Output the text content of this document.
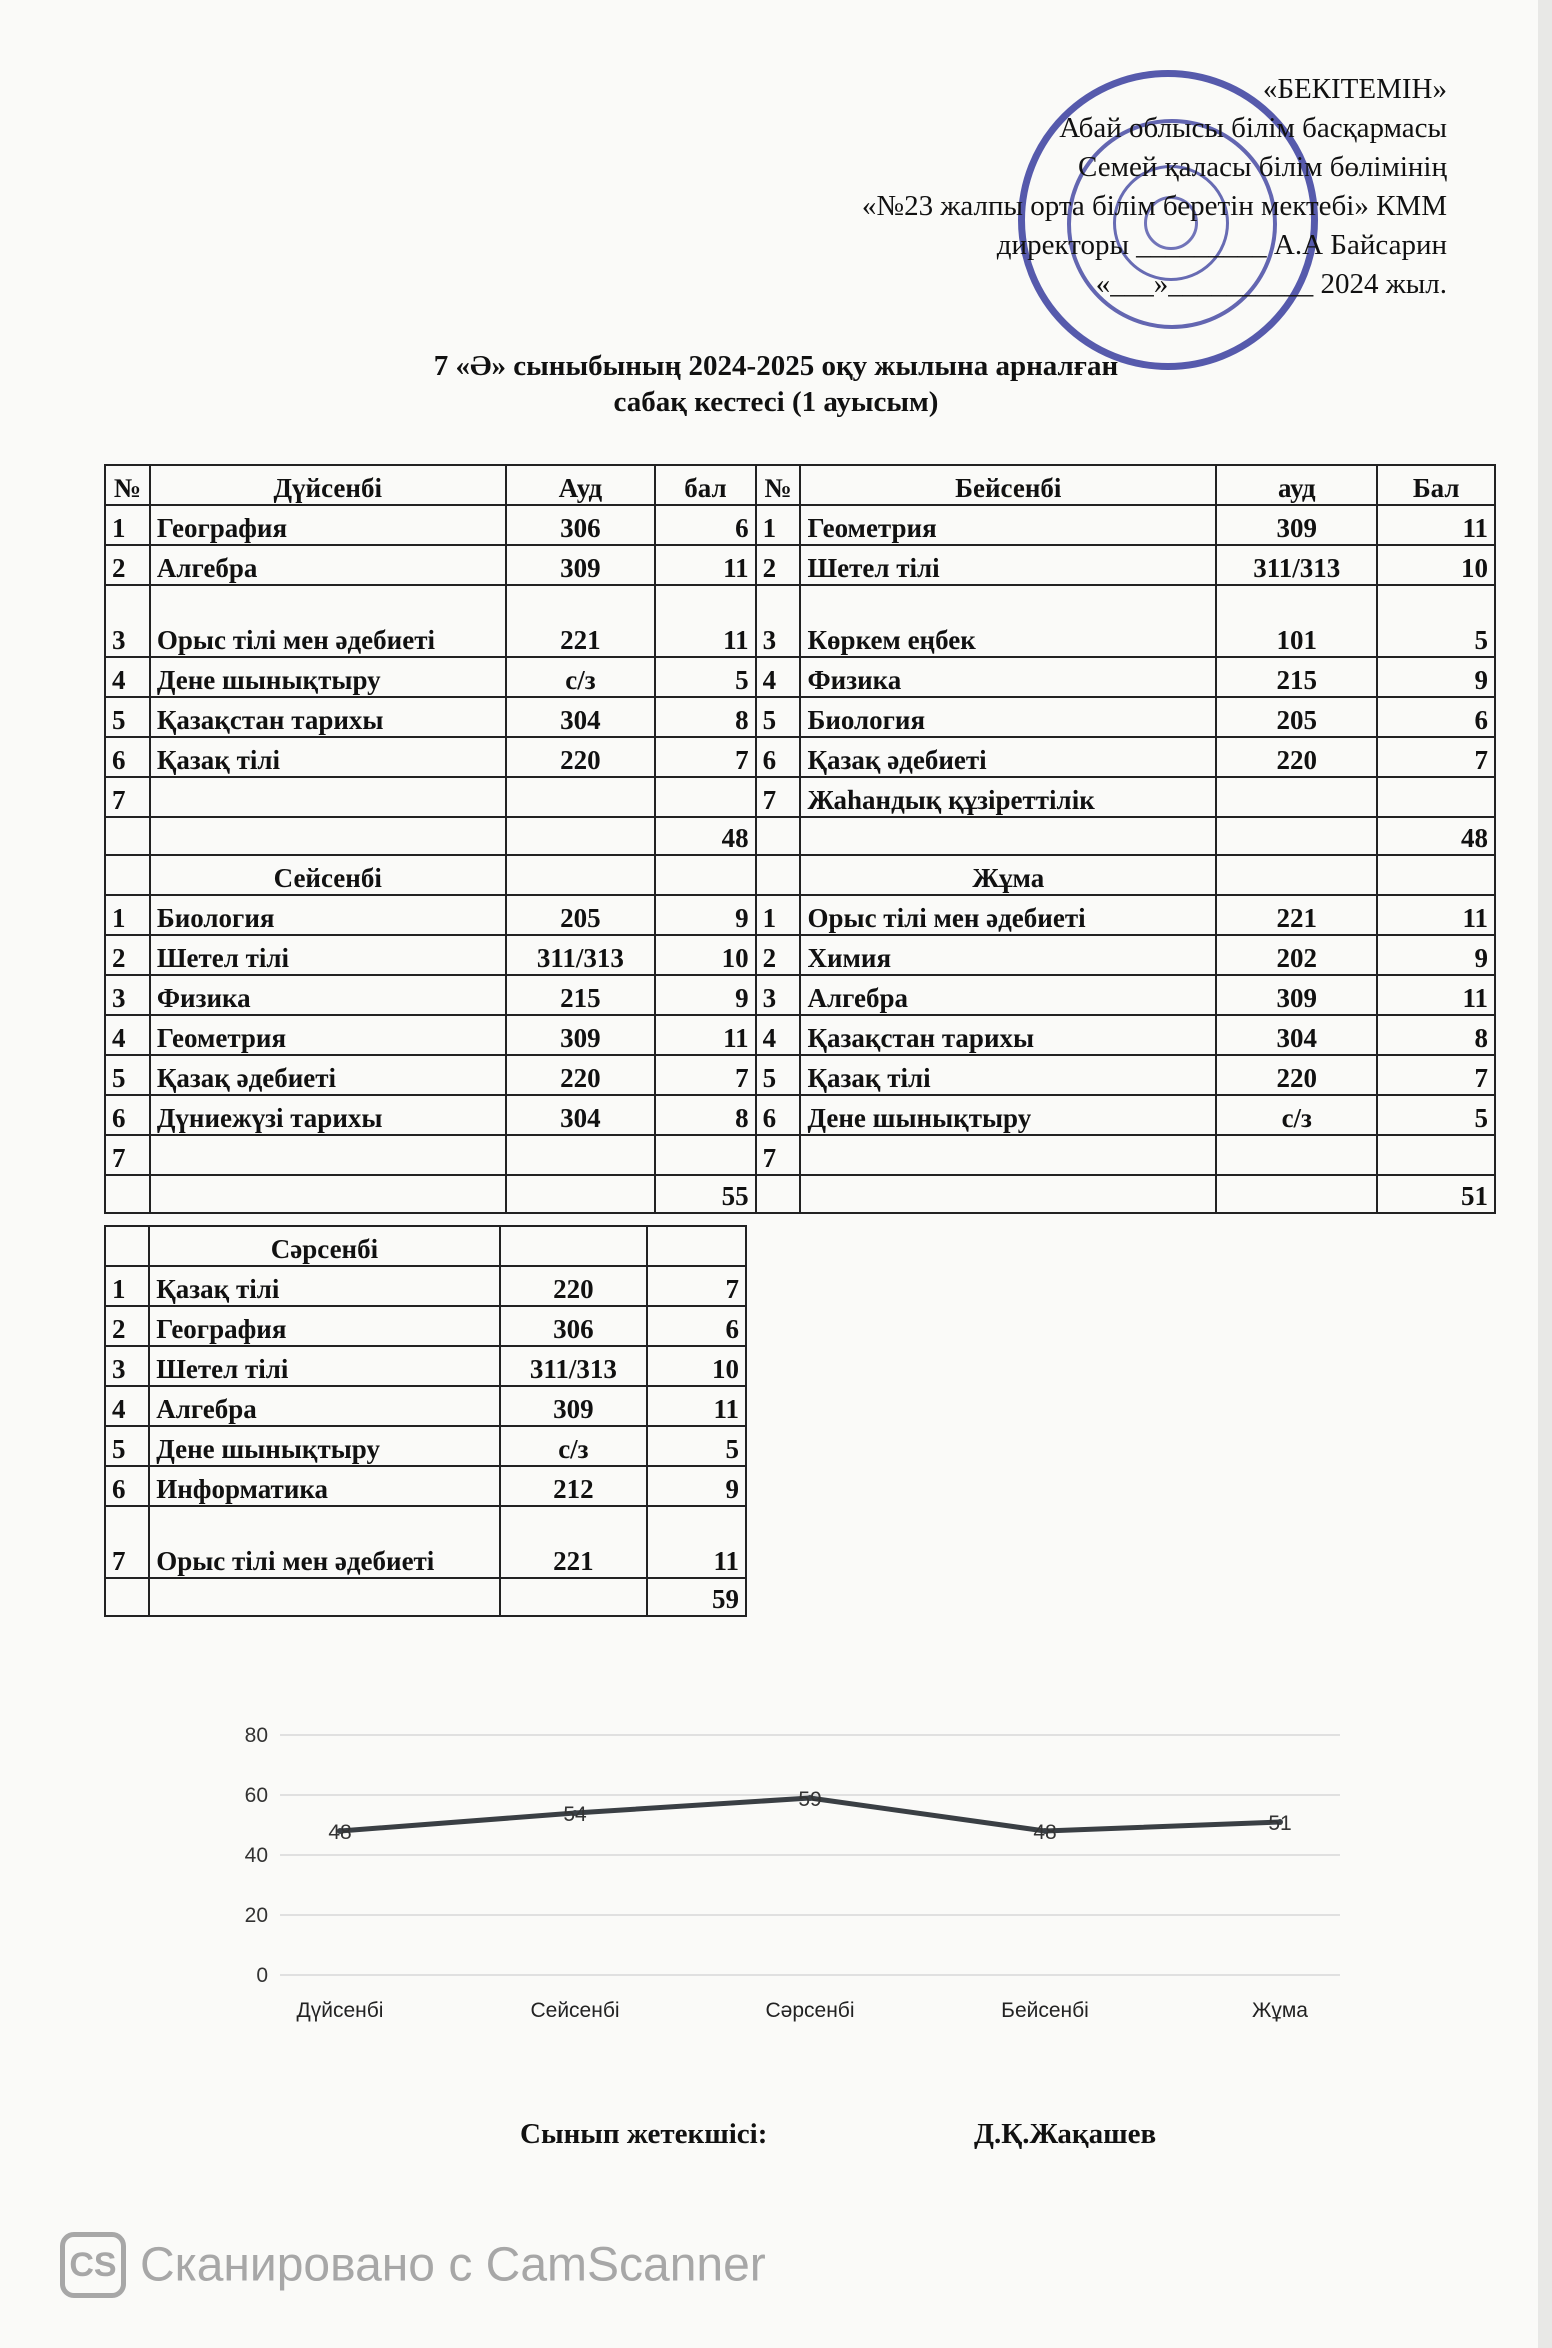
«БЕКІТЕМІН»
Абай облысы білім басқармасы
Семей қаласы білім бөлімінің
«№23 жалпы орта білім беретін мектебі» КММ
директоры _________ А.А Байсарин
«___»__________ 2024 жыл.
7 «Ә» сыныбының 2024-2025 оқу жылына арналған
сабақ кестесі (1 ауысым)
№	Дүйсенбі	Ауд	бал	№	Бейсенбі	ауд	Бал
1	География	306	6	1	Геометрия	309	11
2	Алгебра	309	11	2	Шетел тілі	311/313	10
3	Орыс тілі мен әдебиеті	221	11	3	Көркем еңбек	101	5
4	Дене шынықтыру	с/з	5	4	Физика	215	9
5	Қазақстан тарихы	304	8	5	Биология	205	6
6	Қазақ тілі	220	7	6	Қазақ әдебиеті	220	7
7				7	Жаһандық құзіреттілік		
			48				48
	Сейсенбі				Жұма		
1	Биология	205	9	1	Орыс тілі мен әдебиеті	221	11
2	Шетел тілі	311/313	10	2	Химия	202	9
3	Физика	215	9	3	Алгебра	309	11
4	Геометрия	309	11	4	Қазақстан тарихы	304	8
5	Қазақ әдебиеті	220	7	5	Қазақ тілі	220	7
6	Дүниежүзі тарихы	304	8	6	Дене шынықтыру	с/з	5
7				7			
			55				51
	Сәрсенбі		
1	Қазақ тілі	220	7
2	География	306	6
3	Шетел тілі	311/313	10
4	Алгебра	309	11
5	Дене шынықтыру	с/з	5
6	Информатика	212	9
7	Орыс тілі мен әдебиеті	221	11
			59
80
60
40
20
0
48
54
59
48	51
Дүйсенбі	Сейсенбі	Сәрсенбі	Бейсенбі	Жұма
Сынып жетекшісі:	Д.Қ.Жақашев
CS Сканировано с CamScanner
